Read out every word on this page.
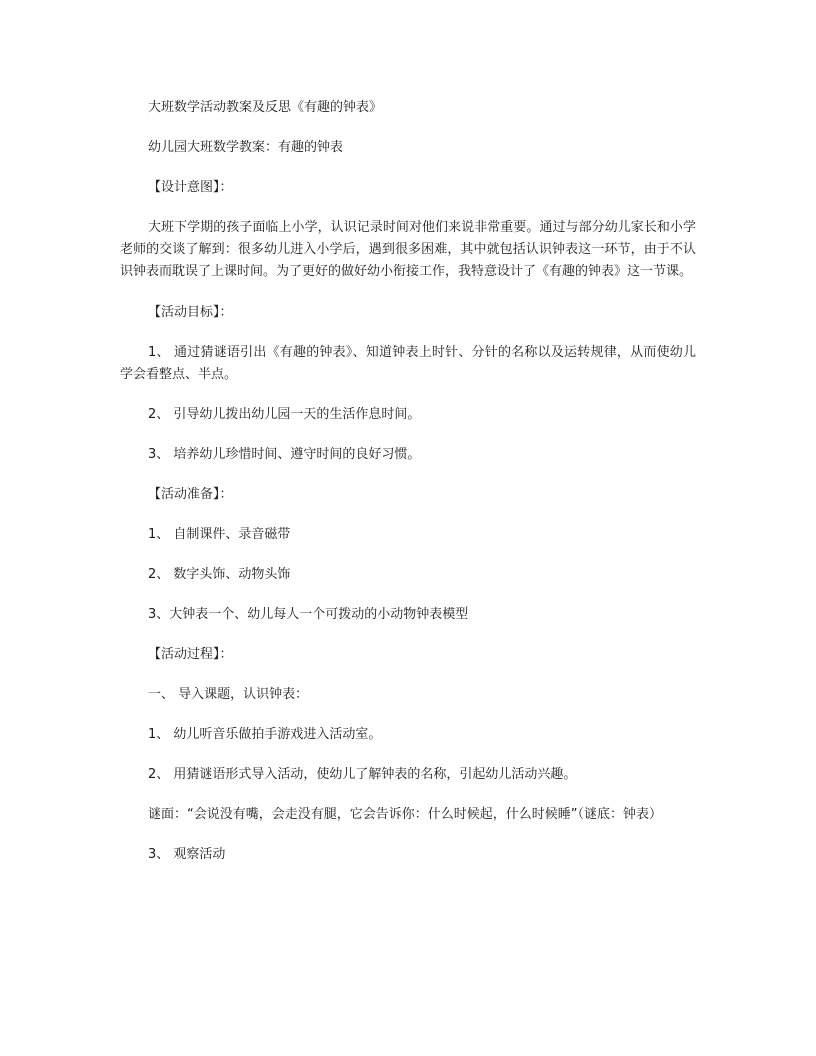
大班数学活动教案及反思《有趣的钟表》

幼儿园大班数学教案：有趣的钟表

【设计意图】：

大班下学期的孩子面临上小学，认识记录时间对他们来说非常重要。通过与部分幼儿家长和小学老师的交谈了解到：很多幼儿进入小学后，遇到很多困难，其中就包括认识钟表这一环节，由于不认识钟表而耽误了上课时间。为了更好的做好幼小衔接工作，我特意设计了《有趣的钟表》这一节课。

【活动目标】：

1、 通过猜谜语引出《有趣的钟表》、知道钟表上时针、分针的名称以及运转规律，从而使幼儿学会看整点、半点。

2、 引导幼儿拨出幼儿园一天的生活作息时间。

3、 培养幼儿珍惜时间、遵守时间的良好习惯。

【活动准备】：

1、 自制课件、录音磁带

2、 数字头饰、动物头饰

3、大钟表一个、幼儿每人一个可拨动的小动物钟表模型

【活动过程】：

一、 导入课题，认识钟表：

1、 幼儿听音乐做拍手游戏进入活动室。

2、 用猜谜语形式导入活动，使幼儿了解钟表的名称，引起幼儿活动兴趣。

谜面：“会说没有嘴，会走没有腿，它会告诉你：什么时候起，什么时候睡”（谜底：钟表）

3、 观察活动
